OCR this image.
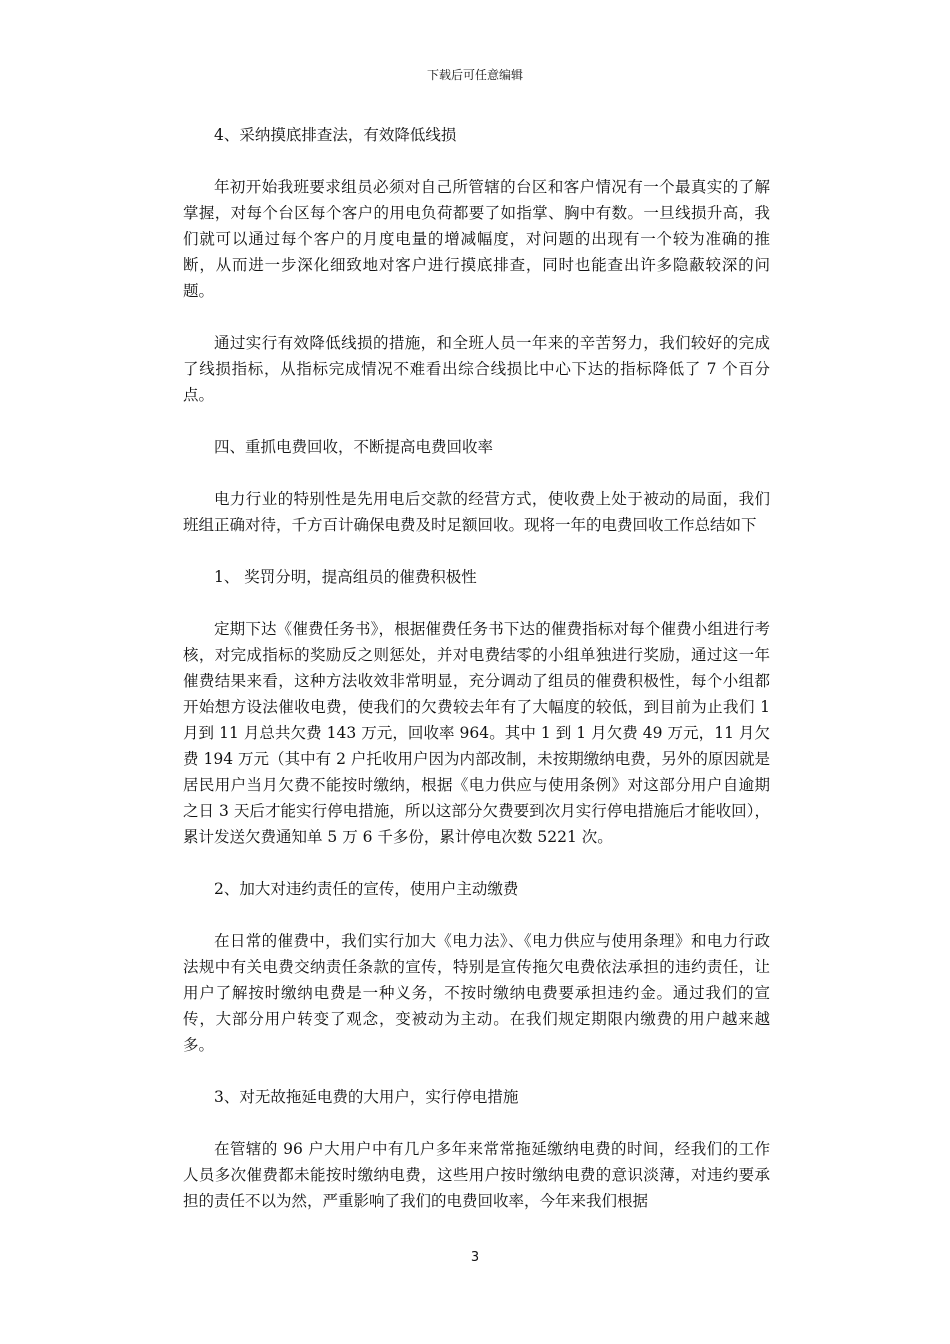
下载后可任意编辑

4、采纳摸底排查法，有效降低线损

年初开始我班要求组员必须对自己所管辖的台区和客户情况有一个最真实的了解掌握，对每个台区每个客户的用电负荷都要了如指掌、胸中有数。一旦线损升高，我们就可以通过每个客户的月度电量的增减幅度，对问题的出现有一个较为准确的推断，从而进一步深化细致地对客户进行摸底排查，同时也能查出许多隐蔽较深的问题。

通过实行有效降低线损的措施，和全班人员一年来的辛苦努力，我们较好的完成了线损指标，从指标完成情况不难看出综合线损比中心下达的指标降低了 7 个百分点。

四、重抓电费回收，不断提高电费回收率

电力行业的特别性是先用电后交款的经营方式，使收费上处于被动的局面，我们班组正确对待，千方百计确保电费及时足额回收。现将一年的电费回收工作总结如下

1、 奖罚分明，提高组员的催费积极性

定期下达《催费任务书》，根据催费任务书下达的催费指标对每个催费小组进行考核，对完成指标的奖励反之则惩处，并对电费结零的小组单独进行奖励，通过这一年催费结果来看，这种方法收效非常明显，充分调动了组员的催费积极性，每个小组都开始想方设法催收电费，使我们的欠费较去年有了大幅度的较低，到目前为止我们 1 月到 11 月总共欠费 143 万元，回收率 964。其中 1 到 1 月欠费 49 万元，11 月欠费 194 万元（其中有 2 户托收用户因为内部改制，未按期缴纳电费，另外的原因就是居民用户当月欠费不能按时缴纳，根据《电力供应与使用条例》对这部分用户自逾期之日 3 天后才能实行停电措施，所以这部分欠费要到次月实行停电措施后才能收回），累计发送欠费通知单 5 万 6 千多份，累计停电次数 5221 次。

2、加大对违约责任的宣传，使用户主动缴费

在日常的催费中，我们实行加大《电力法》、《电力供应与使用条理》和电力行政法规中有关电费交纳责任条款的宣传，特别是宣传拖欠电费依法承担的违约责任，让用户了解按时缴纳电费是一种义务，不按时缴纳电费要承担违约金。通过我们的宣传，大部分用户转变了观念，变被动为主动。在我们规定期限内缴费的用户越来越多。

3、对无故拖延电费的大用户，实行停电措施

在管辖的 96 户大用户中有几户多年来常常拖延缴纳电费的时间，经我们的工作人员多次催费都未能按时缴纳电费，这些用户按时缴纳电费的意识淡薄，对违约要承担的责任不以为然，严重影响了我们的电费回收率，今年来我们根据

3
